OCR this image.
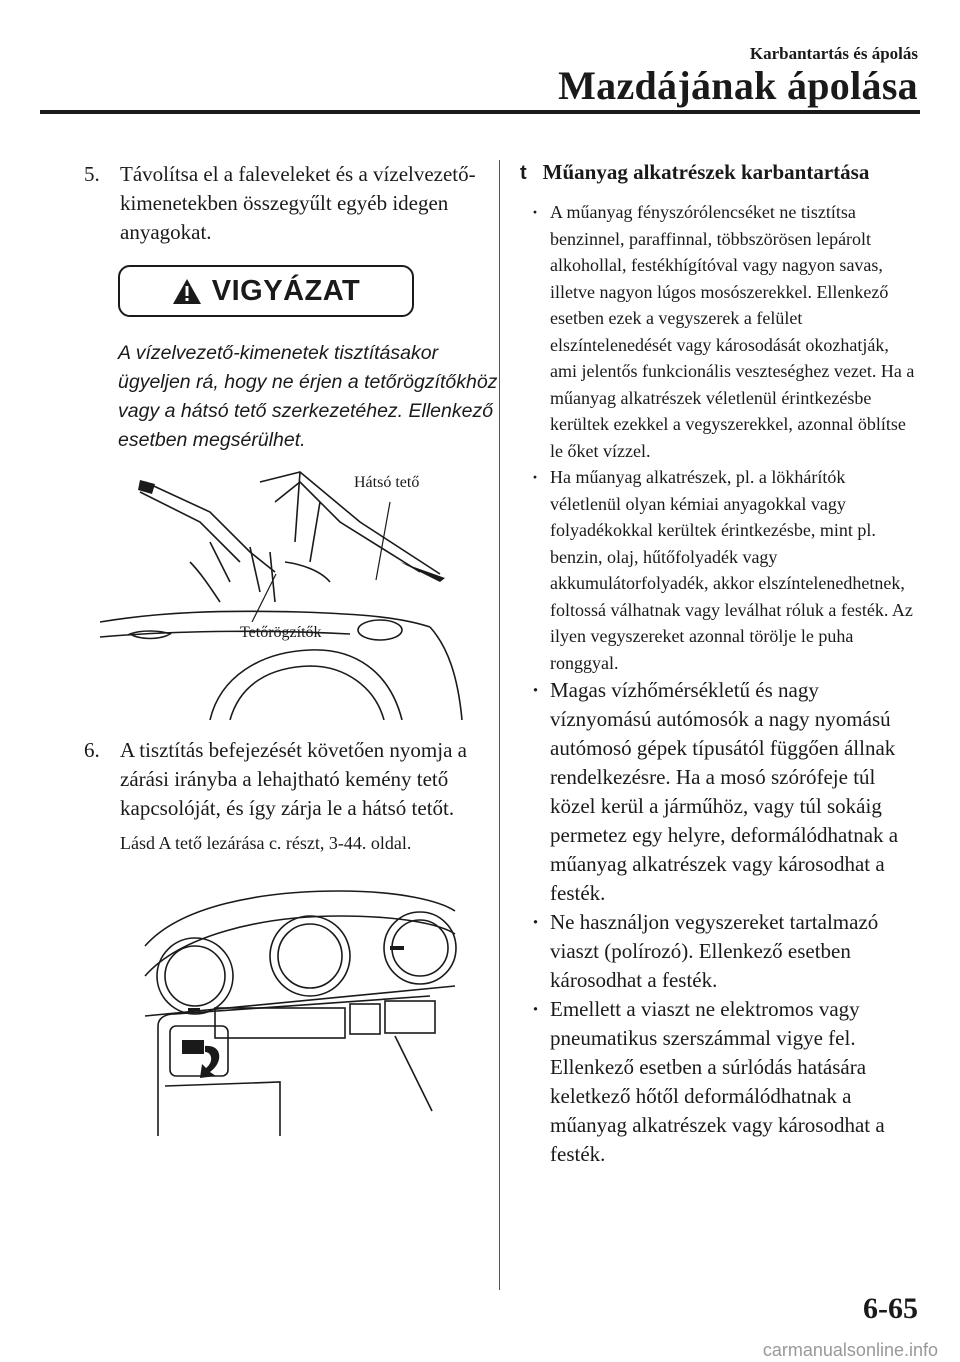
Karbantartás és ápolás
Mazdájának ápolása
5. Távolítsa el a faleveleket és a vízelvezető-kimenetekben összegyűlt egyéb idegen anyagokat.
VIGYÁZAT
A vízelvezető-kimenetek tisztításakor ügyeljen rá, hogy ne érjen a tetőrögzítőkhöz vagy a hátsó tető szerkezetéhez. Ellenkező esetben megsérülhet.
Hátsó tető
Tetőrögzítők
6. A tisztítás befejezését követően nyomja a zárási irányba a lehajtható kemény tető kapcsolóját, és így zárja le a hátsó tetőt.
Lásd A tető lezárása c. részt, 3-44. oldal.
t Műanyag alkatrészek karbantartása
· A műanyag fényszórólencséket ne tisztítsa benzinnel, paraffinnal, többszörösen lepárolt alkohollal, festékhígítóval vagy nagyon savas, illetve nagyon lúgos mosószerekkel. Ellenkező esetben ezek a vegyszerek a felület elszíntelenedését vagy károsodását okozhatják, ami jelentős funkcionális veszteséghez vezet. Ha a műanyag alkatrészek véletlenül érintkezésbe kerültek ezekkel a vegyszerekkel, azonnal öblítse le őket vízzel.
· Ha műanyag alkatrészek, pl. a lökhárítók véletlenül olyan kémiai anyagokkal vagy folyadékokkal kerültek érintkezésbe, mint pl. benzin, olaj, hűtőfolyadék vagy akkumulátorfolyadék, akkor elszíntelenedhetnek, foltossá válhatnak vagy leválhat róluk a festék. Az ilyen vegyszereket azonnal törölje le puha ronggyal.
· Magas vízhőmérsékletű és nagy víznyomású autómosók a nagy nyomású autómosó gépek típusától függően állnak rendelkezésre. Ha a mosó szórófeje túl közel kerül a járműhöz, vagy túl sokáig permetez egy helyre, deformálódhatnak a műanyag alkatrészek vagy károsodhat a festék.
· Ne használjon vegyszereket tartalmazó viaszt (polírozó). Ellenkező esetben károsodhat a festék.
· Emellett a viaszt ne elektromos vagy pneumatikus szerszámmal vigye fel. Ellenkező esetben a súrlódás hatására keletkező hőtől deformálódhatnak a műanyag alkatrészek vagy károsodhat a festék.
6-65
carmanualsonline.info
